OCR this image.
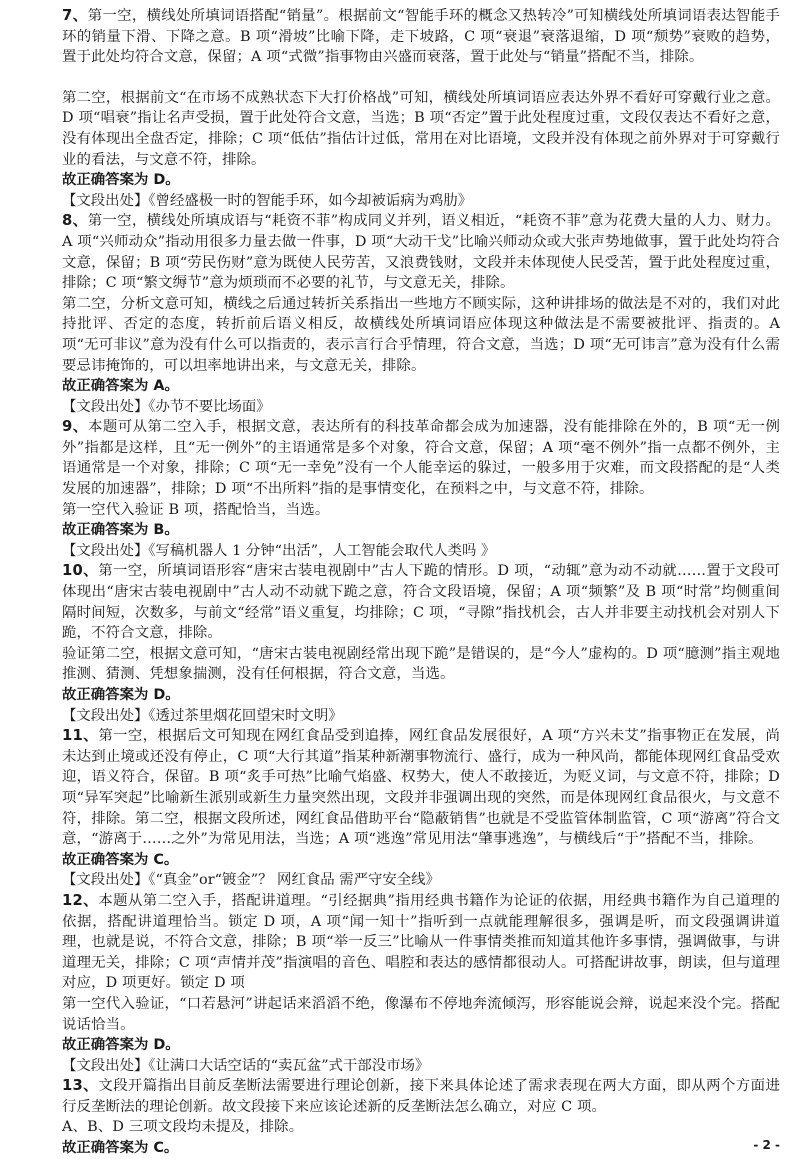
7、第一空，横线处所填词语搭配“销量”。根据前文“智能手环的概念又热转冷”可知横线处所填词语表达智能手环的销量下滑、下降之意。B 项“滑坡”比喻下降，走下坡路，C 项“衰退”衰落退缩，D 项“颓势”衰败的趋势，置于此处均符合文意，保留；A 项“式微”指事物由兴盛而衰落，置于此处与“销量”搭配不当，排除。

第二空，根据前文“在市场不成熟状态下大打价格战”可知，横线处所填词语应表达外界不看好可穿戴行业之意。D 项“唱衰”指让名声受损，置于此处符合文意，当选；B 项“否定”置于此处程度过重，文段仅表达不看好之意，没有体现出全盘否定，排除；C 项“低估”指估计过低，常用在对比语境，文段并没有体现之前外界对于可穿戴行业的看法，与文意不符，排除。

故正确答案为 D。

【文段出处】《曾经盛极一时的智能手环，如今却被诟病为鸡肋》

8、第一空，横线处所填成语与“耗资不菲”构成同义并列，语义相近，“耗资不菲”意为花费大量的人力、财力。A 项“兴师动众”指动用很多力量去做一件事，D 项“大动干戈”比喻兴师动众或大张声势地做事，置于此处均符合文意，保留；B 项“劳民伤财”意为既使人民劳苦，又浪费钱财，文段并未体现使人民受苦，置于此处程度过重，排除；C 项“繁文缛节”意为烦琐而不必要的礼节，与文意无关，排除。

第二空，分析文意可知，横线之后通过转折关系指出一些地方不顾实际，这种讲排场的做法是不对的，我们对此持批评、否定的态度，转折前后语义相反，故横线处所填词语应体现这种做法是不需要被批评、指责的。A 项“无可非议”意为没有什么可以指责的，表示言行合乎情理，符合文意，当选；D 项“无可讳言”意为没有什么需要忌讳掩饰的，可以坦率地讲出来，与文意无关，排除。

故正确答案为 A。

【文段出处】《办节不要比场面》

9、本题可从第二空入手，根据文意，表达所有的科技革命都会成为加速器，没有能排除在外的，B 项“无一例外”指都是这样，且“无一例外”的主语通常是多个对象，符合文意，保留；A 项“毫不例外”指一点都不例外，主语通常是一个对象，排除；C 项“无一幸免”没有一个人能幸运的躲过，一般多用于灾难，而文段搭配的是“人类发展的加速器”，排除；D 项“不出所料”指的是事情变化，在预料之中，与文意不符，排除。

第一空代入验证 B 项，搭配恰当，当选。

故正确答案为 B。

【文段出处】《写稿机器人 1 分钟“出活”，人工智能会取代人类吗 》

10、第一空，所填词语形容“唐宋古装电视剧中”古人下跪的情形。D 项，“动辄”意为动不动就……置于文段可体现出“唐宋古装电视剧中”古人动不动就下跪之意，符合文段语境，保留；A 项“频繁”及 B 项“时常”均侧重间隔时间短，次数多，与前文“经常”语义重复，均排除；C 项，“寻隙”指找机会，古人并非要主动找机会对别人下跪，不符合文意，排除。

验证第二空，根据文意可知，“唐宋古装电视剧经常出现下跪”是错误的，是“今人”虚构的。D 项“臆测”指主观地推测、猜测、凭想象揣测，没有任何根据，符合文意，当选。

故正确答案为 D。

【文段出处】《透过茶里烟花回望宋时文明》

11、第一空，根据后文可知现在网红食品受到追捧，网红食品发展很好，A 项“方兴未艾”指事物正在发展，尚未达到止境或还没有停止，C 项“大行其道”指某种新潮事物流行、盛行，成为一种风尚，都能体现网红食品受欢迎，语义符合，保留。B 项“炙手可热”比喻气焰盛、权势大，使人不敢接近，为贬义词，与文意不符，排除；D 项“异军突起”比喻新生派别或新生力量突然出现，文段并非强调出现的突然，而是体现网红食品很火，与文意不符，排除。第二空，根据文段所述，网红食品借助平台“隐蔽销售”也就是不受监管体制监管，C 项“游离”符合文意，“游离于……之外”为常见用法，当选；A 项“逃逸”常见用法“肇事逃逸”，与横线后“于”搭配不当，排除。

故正确答案为 C。

【文段出处】《“真金”or“镀金”？ 网红食品 需严守安全线》

12、本题从第二空入手，搭配讲道理。“引经据典”指用经典书籍作为论证的依据，用经典书籍作为自己道理的依据，搭配讲道理恰当。锁定 D 项，A 项“闻一知十”指听到一点就能理解很多，强调是听，而文段强调讲道理，也就是说，不符合文意，排除；B 项“举一反三”比喻从一件事情类推而知道其他许多事情，强调做事，与讲道理无关，排除；C 项“声情并茂”指演唱的音色、唱腔和表达的感情都很动人。可搭配讲故事，朗读，但与道理对应，D 项更好。锁定 D 项

第一空代入验证，“口若悬河”讲起话来滔滔不绝，像瀑布不停地奔流倾泻，形容能说会辩，说起来没个完。搭配说话恰当。

故正确答案为 D。

【文段出处】《让满口大话空话的“卖瓦盆”式干部没市场》

13、文段开篇指出目前反垄断法需要进行理论创新，接下来具体论述了需求表现在两大方面，即从两个方面进行反垄断法的理论创新。故文段接下来应该论述新的反垄断法怎么确立，对应 C 项。

A、B、D 三项文段均未提及，排除。

故正确答案为 C。	- 2 -
